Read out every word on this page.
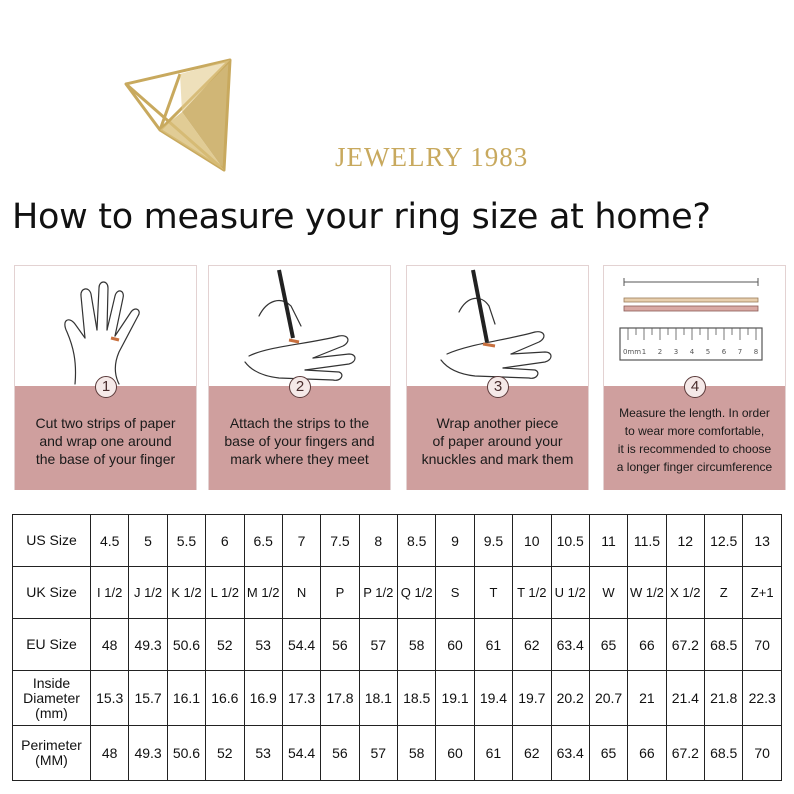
JEWELRY 1983
How to measure your ring size at home?
Cut two strips of paper
and wrap one around
the base of your finger
1
Attach the strips to the
base of your fingers and
mark where they meet
2
Wrap another piece
of paper around your
knuckles and mark them
3
0mm 1 2 3 4 5 6 7 8
Measure the length. In order
to wear more comfortable,
it is recommended to choose
a longer finger circumference
4
US Size	4.5	5	5.5	6	6.5	7	7.5	8	8.5	9	9.5	10	10.5	11	11.5	12	12.5	13
UK Size	I 1/2	J 1/2	K 1/2	L 1/2	M 1/2	N	P	P 1/2	Q 1/2	S	T	T 1/2	U 1/2	W	W 1/2	X 1/2	Z	Z+1
EU Size	48	49.3	50.6	52	53	54.4	56	57	58	60	61	62	63.4	65	66	67.2	68.5	70
Inside Diameter (mm)	15.3	15.7	16.1	16.6	16.9	17.3	17.8	18.1	18.5	19.1	19.4	19.7	20.2	20.7	21	21.4	21.8	22.3
Perimeter (MM)	48	49.3	50.6	52	53	54.4	56	57	58	60	61	62	63.4	65	66	67.2	68.5	70
